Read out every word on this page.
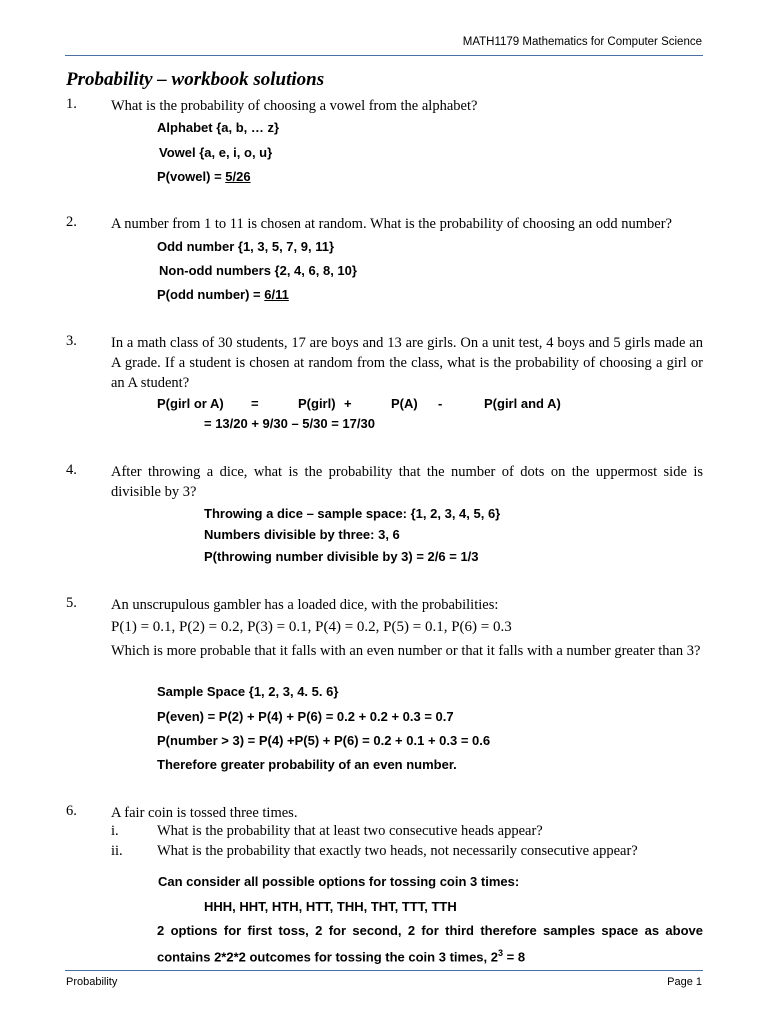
MATH1179 Mathematics for Computer Science
Probability – workbook solutions
1. What is the probability of choosing a vowel from the alphabet?
Alphabet {a, b, … z}
Vowel {a, e, i, o, u}
P(vowel) = 5/26
2. A number from 1 to 11 is chosen at random. What is the probability of choosing an odd number?
Odd number {1, 3, 5, 7, 9, 11}
Non-odd numbers {2, 4, 6, 8, 10}
P(odd number) = 6/11
3. In a math class of 30 students, 17 are boys and 13 are girls. On a unit test, 4 boys and 5 girls made an A grade. If a student is chosen at random from the class, what is the probability of choosing a girl or an A student?
P(girl or A) =	P(girl) +	P(A) -	P(girl and A)
= 13/20 + 9/30 – 5/30 = 17/30
4. After throwing a dice, what is the probability that the number of dots on the uppermost side is divisible by 3?
Throwing a dice – sample space: {1, 2, 3, 4, 5, 6}
Numbers divisible by three: 3, 6
P(throwing number divisible by 3) = 2/6 = 1/3
5. An unscrupulous gambler has a loaded dice, with the probabilities:
P(1) = 0.1, P(2) = 0.2, P(3) = 0.1, P(4) = 0.2, P(5) = 0.1, P(6) = 0.3
Which is more probable that it falls with an even number or that it falls with a number greater than 3?
Sample Space {1, 2, 3, 4. 5. 6}
P(even) = P(2) + P(4) + P(6) = 0.2 + 0.2 + 0.3 = 0.7
P(number > 3) = P(4) +P(5) + P(6) = 0.2 + 0.1 + 0.3 = 0.6
Therefore greater probability of an even number.
6. A fair coin is tossed three times.
i.	What is the probability that at least two consecutive heads appear?
ii. What is the probability that exactly two heads, not necessarily consecutive appear?
Can consider all possible options for tossing coin 3 times:
HHH, HHT, HTH, HTT, THH, THT, TTT, TTH
2 options for first toss, 2 for second, 2 for third therefore samples space as above contains 2*2*2 outcomes for tossing the coin 3 times, $2^3 = 8$
Probability	Page 1
